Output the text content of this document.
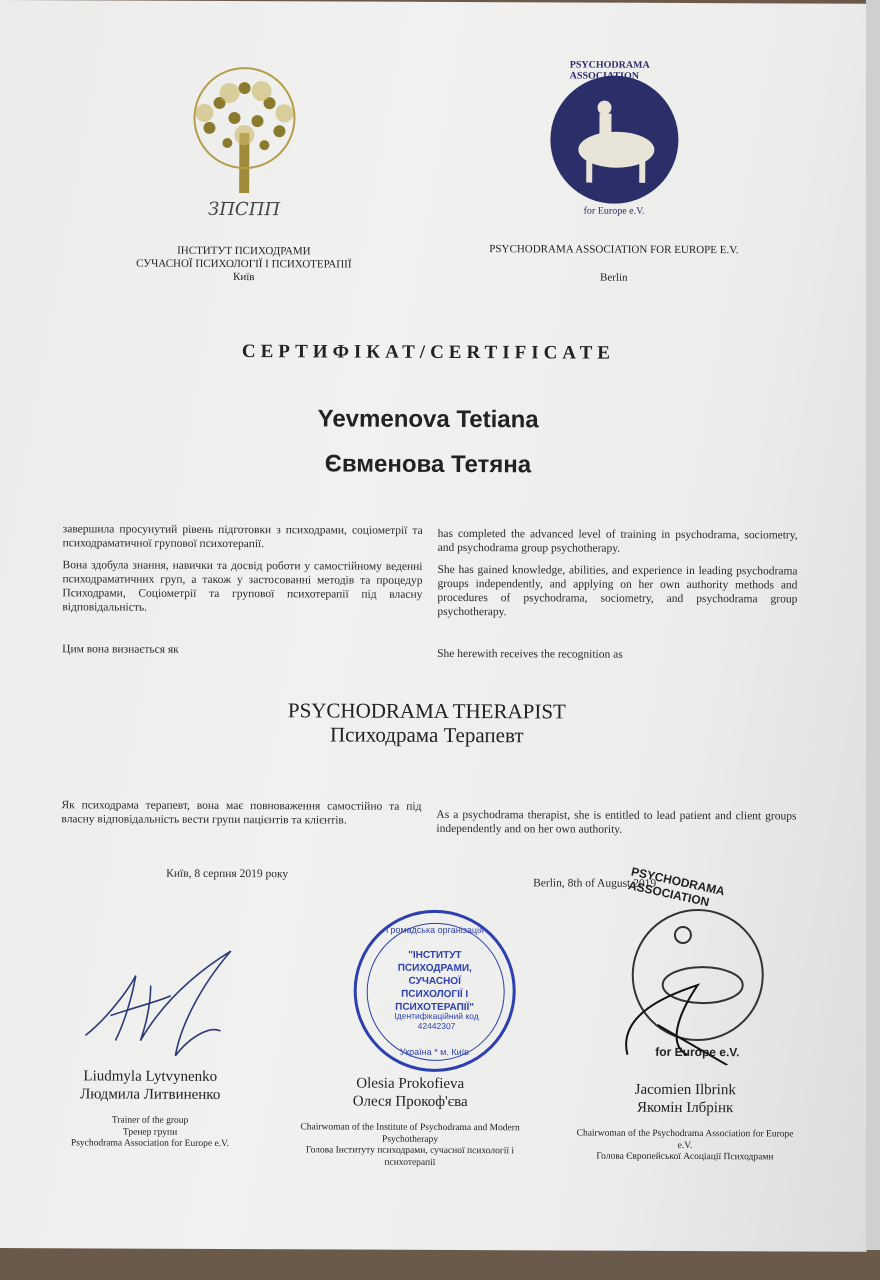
ЗПСПП
ІНСТИТУТ ПСИХОДРАМИ
СУЧАСНОЇ ПСИХОЛОГІЇ І ПСИХОТЕРАПІЇ
Київ
PSYCHODRAMA ASSOCIATION
for Europe e.V.
PSYCHODRAMA ASSOCIATION FOR EUROPE E.V.
Berlin
СЕРТИФІКАТ/CERTIFICATE
Yevmenova Tetiana
Євменова Тетяна

завершила просунутий рівень підготовки з психодрами, соціометрії та психодраматичної групової психотерапії.

Вона здобула знання, навички та досвід роботи у самостійному веденні психодраматичних груп, а також у застосованні методів та процедур Психодрами, Соціометрії та групової психотерапії під власну відповідальність.

Цим вона визнається як

has completed the advanced level of training in psychodrama, sociometry, and psychodrama group psychotherapy.

She has gained knowledge, abilities, and experience in leading psychodrama groups independently, and applying on her own authority methods and procedures of psychodrama, sociometry, and psychodrama group psychotherapy.

She herewith receives the recognition as
PSYCHODRAMA THERAPIST
Психодрама Терапевт
Як психодрама терапевт, вона має повноваження самостійно та під власну відповідальність вести групи пацієнтів та клієнтів.	As a psychodrama therapist, she is entitled to lead patient and client groups independently and on her own authority.
Київ, 8 серпня 2019 року
Berlin, 8th of August 2019
Громадська організація
"ІНСТИТУТ ПСИХОДРАМИ, СУЧАСНОЇ ПСИХОЛОГІЇ І ПСИХОТЕРАПІЇ"
Ідентифікаційний код 42442307
Україна * м. Київ
PSYCHODRAMA ASSOCIATION
for Europe e.V.
Liudmyla Lytvynenko
Людмила Литвиненко
Trainer of the group
Тренер групи
Psychodrama Association for Europe e.V.
Olesia Prokofieva
Олеся Прокоф'єва
Chairwoman of the Institute of Psychodrama and Modern Psychotherapy
Голова Інституту психодрами, сучасної психології і психотерапії
Jacomien Ilbrink
Якомін Ілбрінк
Chairwoman of the Psychodrama Association for Europe e.V.
Голова Європейської Асоціації Психодрами
